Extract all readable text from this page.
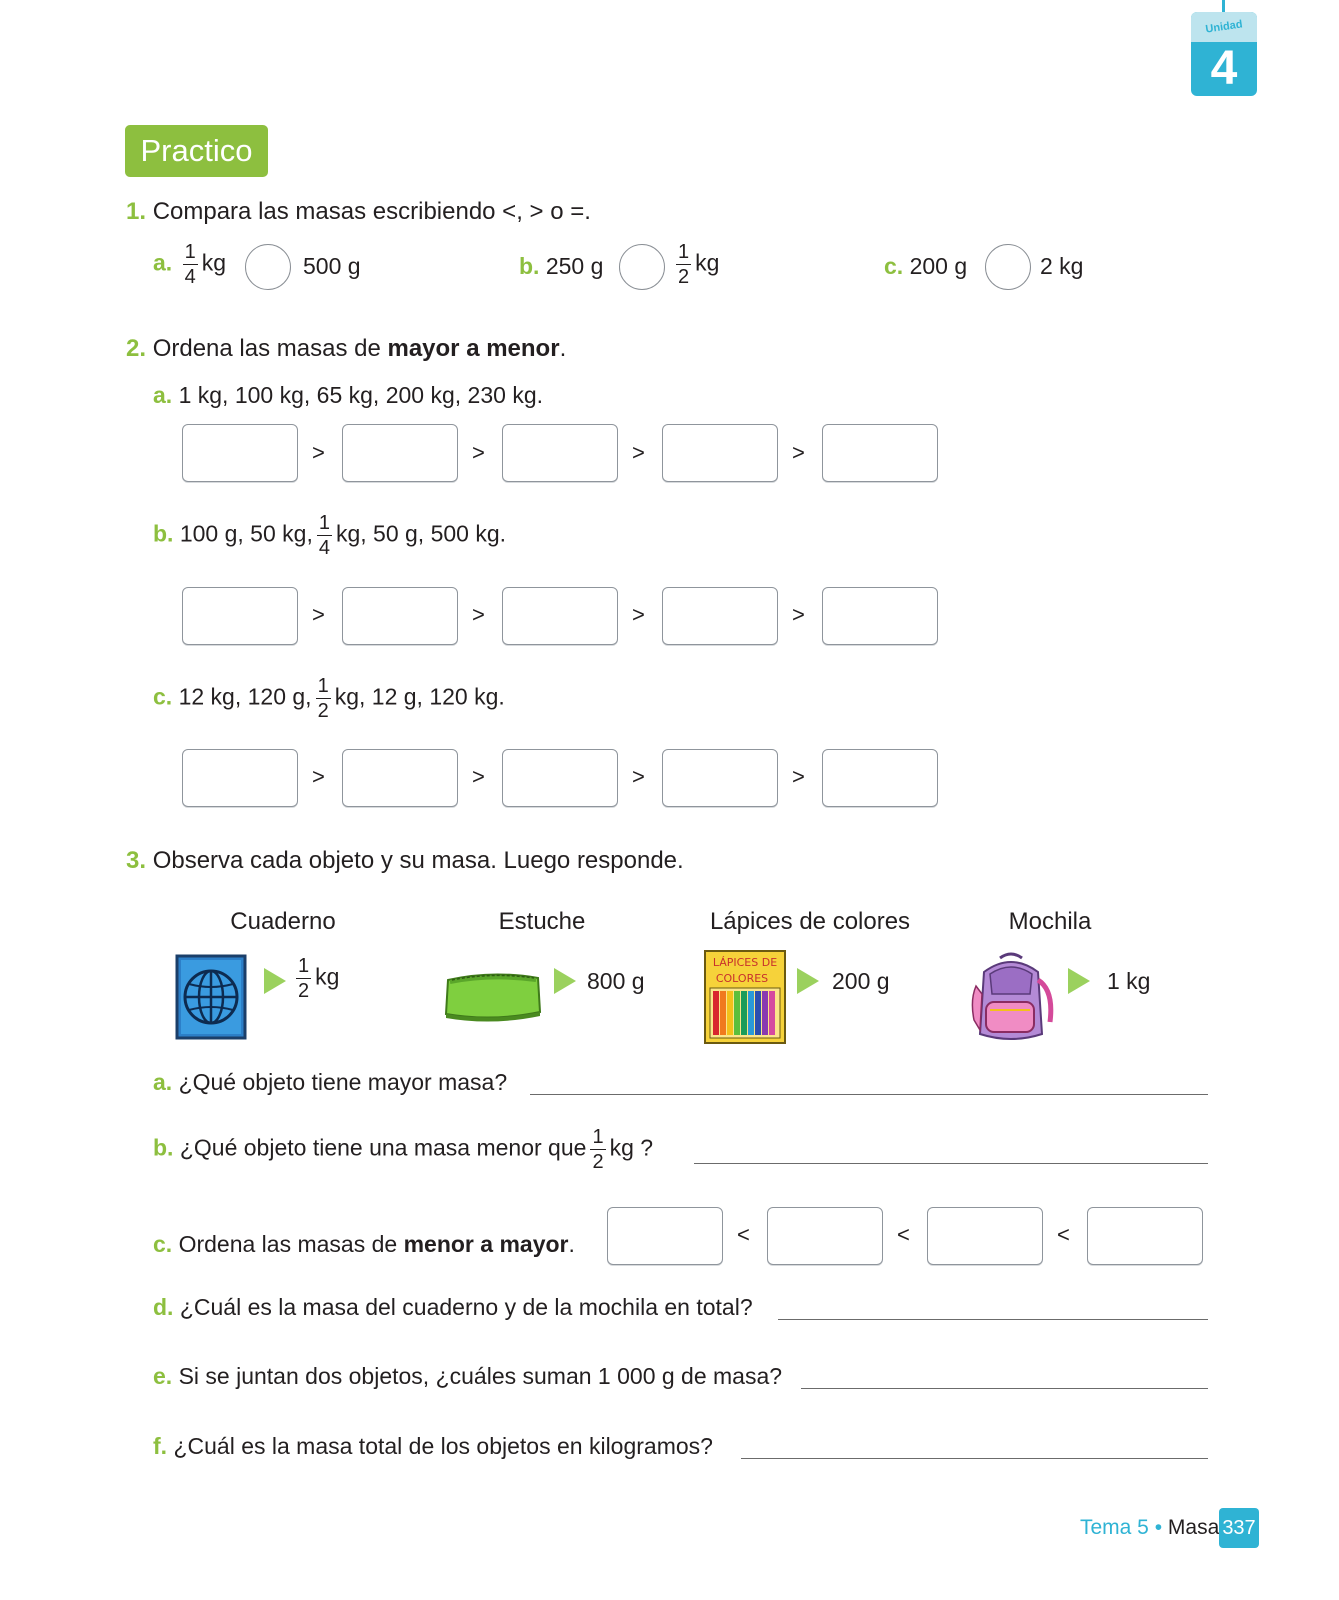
Unidad
4
Practico
1. Compara las masas escribiendo <, > o =.
a. $\frac{1}{4}$ kg	500 g	b. 250 g	$\frac{1}{2}$ kg	c. 200 g	2 kg
2. Ordena las masas de mayor a menor.
a. 1 kg, 100 kg, 65 kg, 200 kg, 230 kg.
>	>	>	>
b. 100 g, 50 kg, $\frac{1}{4}$ kg, 50 g, 500 kg.
>	>	>	>
c. 12 kg, 120 g, $\frac{1}{2}$ kg, 12 g, 120 kg.
>	>	>	>
3. Observa cada objeto y su masa. Luego responde.
Cuaderno	Estuche	Lápices de colores	Mochila
$\frac{1}{2}$ kg	800 g
LÁPICES DE
COLORES	200 g	1 kg
a. ¿Qué objeto tiene mayor masa?
b. ¿Qué objeto tiene una masa menor que $\frac{1}{2}$ kg ?
c. Ordena las masas de menor a mayor.	<	<	<
d. ¿Cuál es la masa del cuaderno y de la mochila en total?
e. Si se juntan dos objetos, ¿cuáles suman 1 000 g de masa?
f. ¿Cuál es la masa total de los objetos en kilogramos?
Tema 5 • Masa 337
